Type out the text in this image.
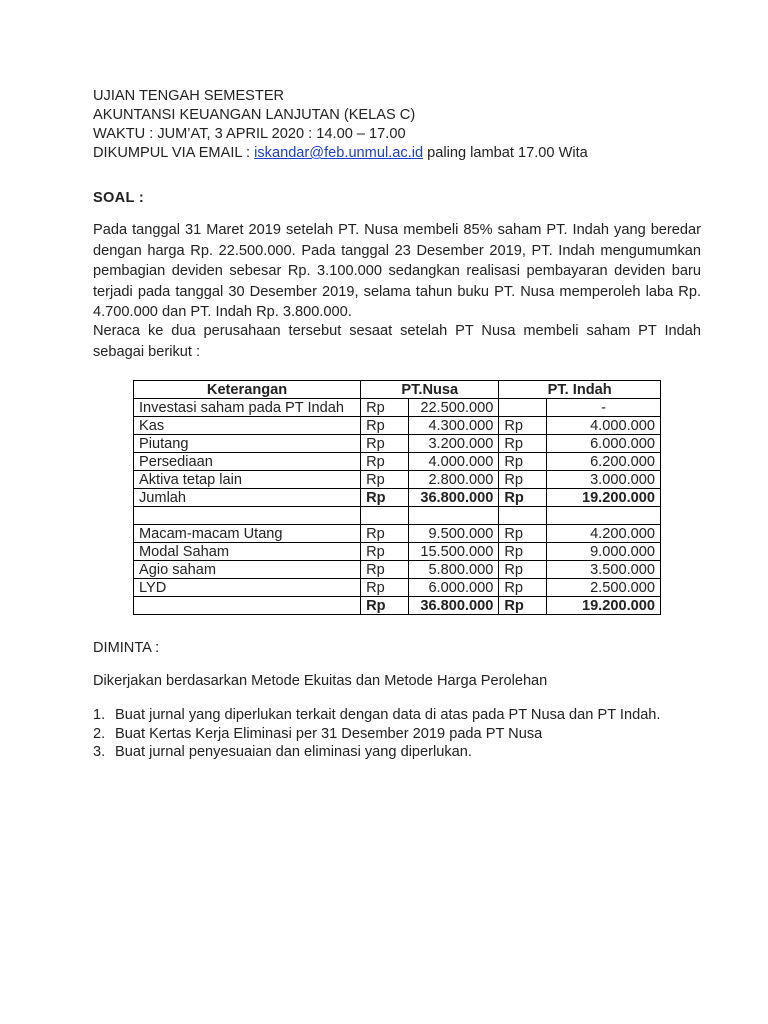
UJIAN TENGAH SEMESTER
AKUNTANSI KEUANGAN LANJUTAN (KELAS C)
WAKTU : JUM’AT, 3 APRIL 2020 : 14.00 – 17.00
DIKUMPUL VIA EMAIL : iskandar@feb.unmul.ac.id paling lambat 17.00 Wita
SOAL :
Pada tanggal 31 Maret 2019 setelah PT. Nusa membeli 85% saham PT. Indah yang beredar dengan harga Rp. 22.500.000. Pada tanggal 23 Desember 2019, PT. Indah mengumumkan pembagian deviden sebesar Rp. 3.100.000 sedangkan realisasi pembayaran deviden baru terjadi pada tanggal 30 Desember 2019, selama tahun buku PT. Nusa memperoleh laba Rp. 4.700.000 dan PT. Indah Rp. 3.800.000.
Neraca ke dua perusahaan tersebut sesaat setelah PT Nusa membeli saham PT Indah sebagai berikut :
Keterangan	PT.Nusa		PT. Indah	
Investasi saham pada PT Indah	Rp	22.500.000		-
Kas	Rp	4.300.000	Rp	4.000.000
Piutang	Rp	3.200.000	Rp	6.000.000
Persediaan	Rp	4.000.000	Rp	6.200.000
Aktiva tetap lain	Rp	2.800.000	Rp	3.000.000
Jumlah	Rp	36.800.000	Rp	19.200.000

Macam-macam Utang	Rp	9.500.000	Rp	4.200.000
Modal Saham	Rp	15.500.000	Rp	9.000.000
Agio saham	Rp	5.800.000	Rp	3.500.000
LYD	Rp	6.000.000	Rp	2.500.000
	Rp	36.800.000	Rp	19.200.000
DIMINTA :
Dikerjakan berdasarkan Metode Ekuitas dan Metode Harga Perolehan
1. Buat jurnal yang diperlukan terkait dengan data di atas pada PT Nusa dan PT Indah.
2. Buat Kertas Kerja Eliminasi per 31 Desember 2019 pada PT Nusa
3. Buat jurnal penyesuaian dan eliminasi yang diperlukan.
